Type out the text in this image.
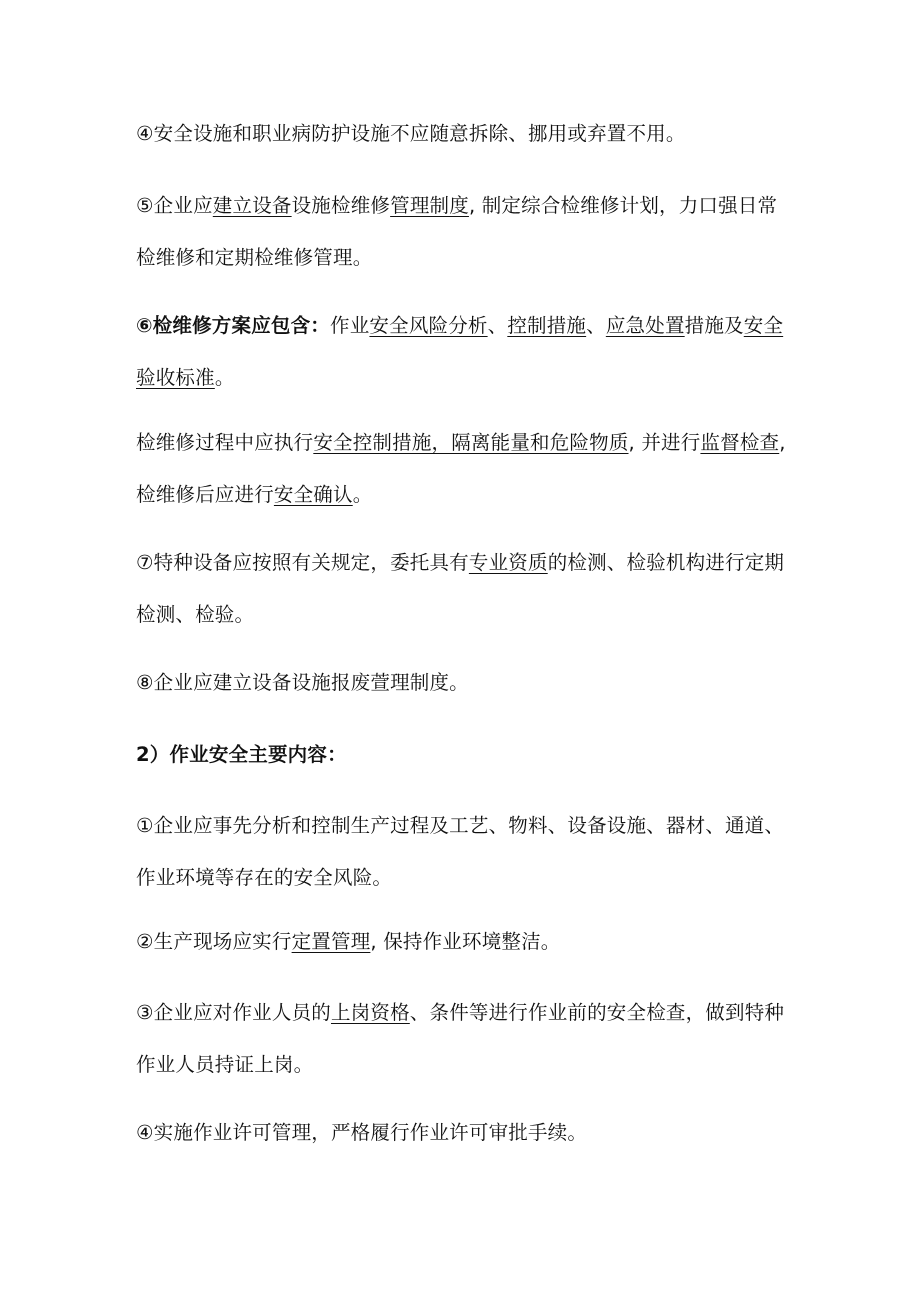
④安全设施和职业病防护设施不应随意拆除、挪用或弃置不用。

⑤企业应建立设备设施检维修管理制度, 制定综合检维修计划，力口强日常检维修和定期检维修管理。

⑥检维修方案应包含：作业安全风险分析、控制措施、应急处置措施及安全验收标准。

检维修过程中应执行安全控制措施，隔离能量和危险物质, 并进行监督检查, 检维修后应进行安全确认。

⑦特种设备应按照有关规定，委托具有专业资质的检测、检验机构进行定期检测、检验。

⑧企业应建立设备设施报废萱理制度。

2）作业安全主要内容：

①企业应事先分析和控制生产过程及工艺、物料、设备设施、器材、通道、作业环境等存在的安全风险。

②生产现场应实行定置管理, 保持作业环境整洁。

③企业应对作业人员的上岗资格、条件等进行作业前的安全检查，做到特种作业人员持证上岗。

④实施作业许可管理，严格履行作业许可审批手续。
